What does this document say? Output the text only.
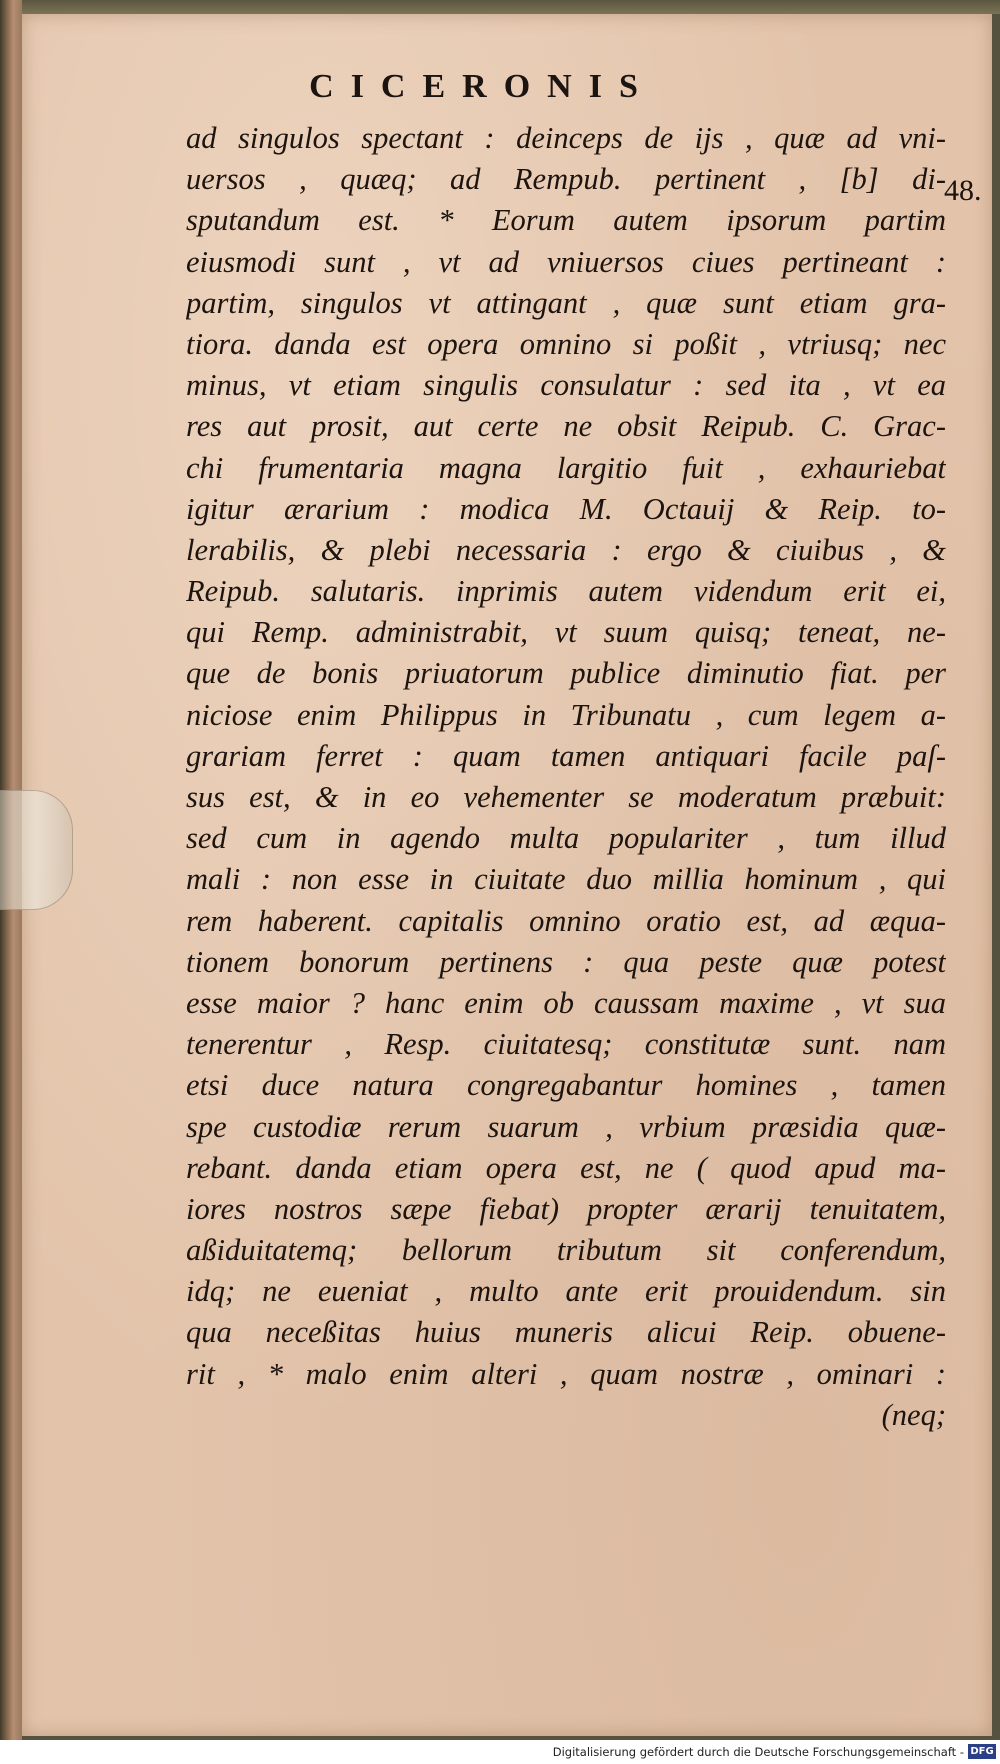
CICERONIS
48.
ad singulos spectant : deinceps de ijs , quæ ad vni-
uersos , quæq; ad Rempub. pertinent , [b] di-
sputandum est. * Eorum autem ipsorum partim
eiusmodi sunt , vt ad vniuersos ciues pertineant :
partim, singulos vt attingant , quæ sunt etiam gra-
tiora. danda est opera omnino si poßit , vtriusq; nec
minus, vt etiam singulis consulatur : sed ita , vt ea
res aut prosit, aut certe ne obsit Reipub. C. Grac-
chi frumentaria magna largitio fuit , exhauriebat
igitur ærarium : modica M. Octauij & Reip. to-
lerabilis, & plebi necessaria : ergo & ciuibus , &
Reipub. salutaris. inprimis autem videndum erit ei,
qui Remp. administrabit, vt suum quisq; teneat, ne-
que de bonis priuatorum publice diminutio fiat. per
niciose enim Philippus in Tribunatu , cum legem a-
grariam ferret : quam tamen antiquari facile paſ-
sus est, & in eo vehementer se moderatum præbuit:
sed cum in agendo multa populariter , tum illud
mali : non esse in ciuitate duo millia hominum , qui
rem haberent. capitalis omnino oratio est, ad æqua-
tionem bonorum pertinens : qua peste quæ potest
esse maior ? hanc enim ob caussam maxime , vt sua
tenerentur , Resp. ciuitatesq; constitutæ sunt. nam
etsi duce natura congregabantur homines , tamen
spe custodiæ rerum suarum , vrbium præsidia quæ-
rebant. danda etiam opera est, ne ( quod apud ma-
iores nostros sæpe fiebat) propter ærarij tenuitatem,
aßiduitatemq; bellorum tributum sit conferendum,
idq; ne eueniat , multo ante erit prouidendum. sin
qua neceßitas huius muneris alicui Reip. obuene-
rit , * malo enim alteri , quam nostræ , ominari :
(neq;
Digitalisierung gefördert durch die Deutsche Forschungsgemeinschaft - DFG
